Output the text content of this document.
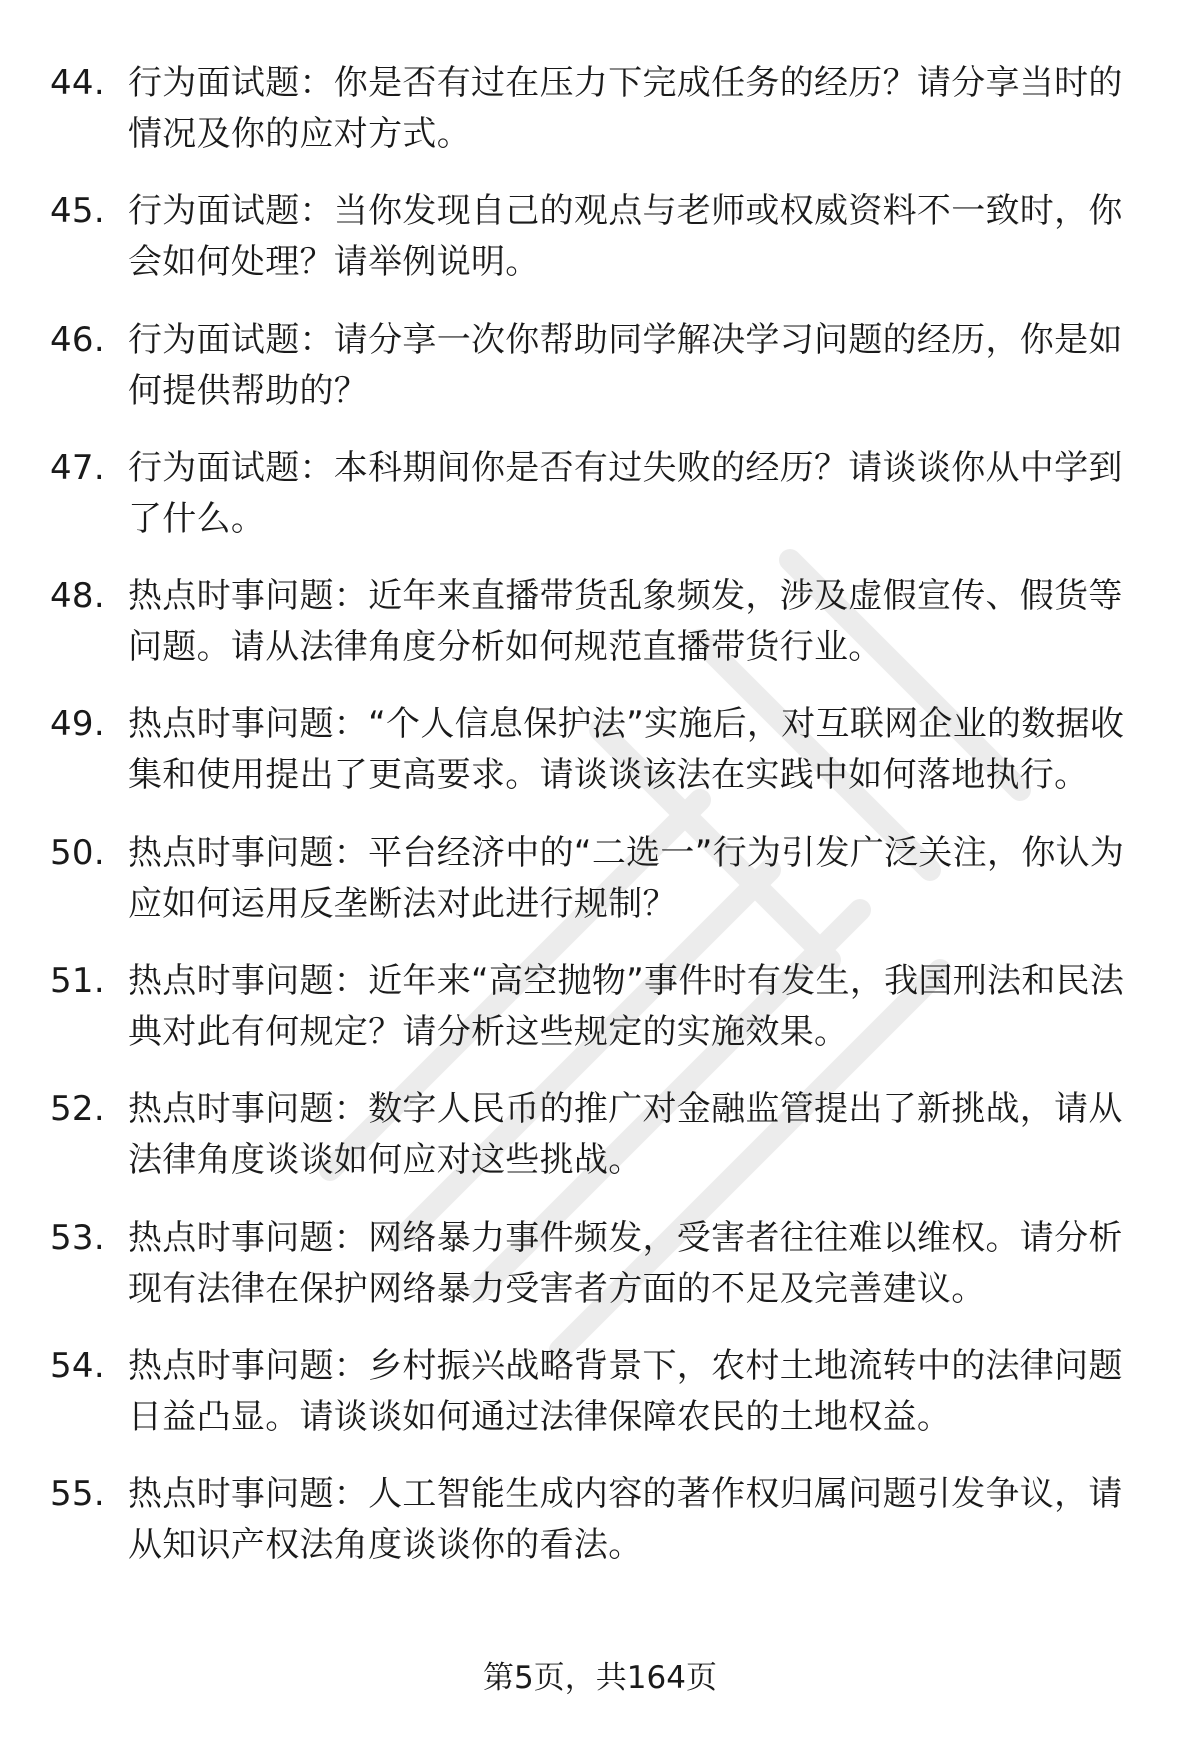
44. 行为面试题：你是否有过在压力下完成任务的经历？请分享当时的情况及你的应对方式。
45. 行为面试题：当你发现自己的观点与老师或权威资料不一致时，你会如何处理？请举例说明。
46. 行为面试题：请分享一次你帮助同学解决学习问题的经历，你是如何提供帮助的？
47. 行为面试题：本科期间你是否有过失败的经历？请谈谈你从中学到了什么。
48. 热点时事问题：近年来直播带货乱象频发，涉及虚假宣传、假货等问题。请从法律角度分析如何规范直播带货行业。
49. 热点时事问题：“个人信息保护法”实施后，对互联网企业的数据收集和使用提出了更高要求。请谈谈该法在实践中如何落地执行。
50. 热点时事问题：平台经济中的“二选一”行为引发广泛关注，你认为应如何运用反垄断法对此进行规制？
51. 热点时事问题：近年来“高空抛物”事件时有发生，我国刑法和民法典对此有何规定？请分析这些规定的实施效果。
52. 热点时事问题：数字人民币的推广对金融监管提出了新挑战，请从法律角度谈谈如何应对这些挑战。
53. 热点时事问题：网络暴力事件频发，受害者往往难以维权。请分析现有法律在保护网络暴力受害者方面的不足及完善建议。
54. 热点时事问题：乡村振兴战略背景下，农村土地流转中的法律问题日益凸显。请谈谈如何通过法律保障农民的土地权益。
55. 热点时事问题：人工智能生成内容的著作权归属问题引发争议，请从知识产权法角度谈谈你的看法。
第5页，共164页
